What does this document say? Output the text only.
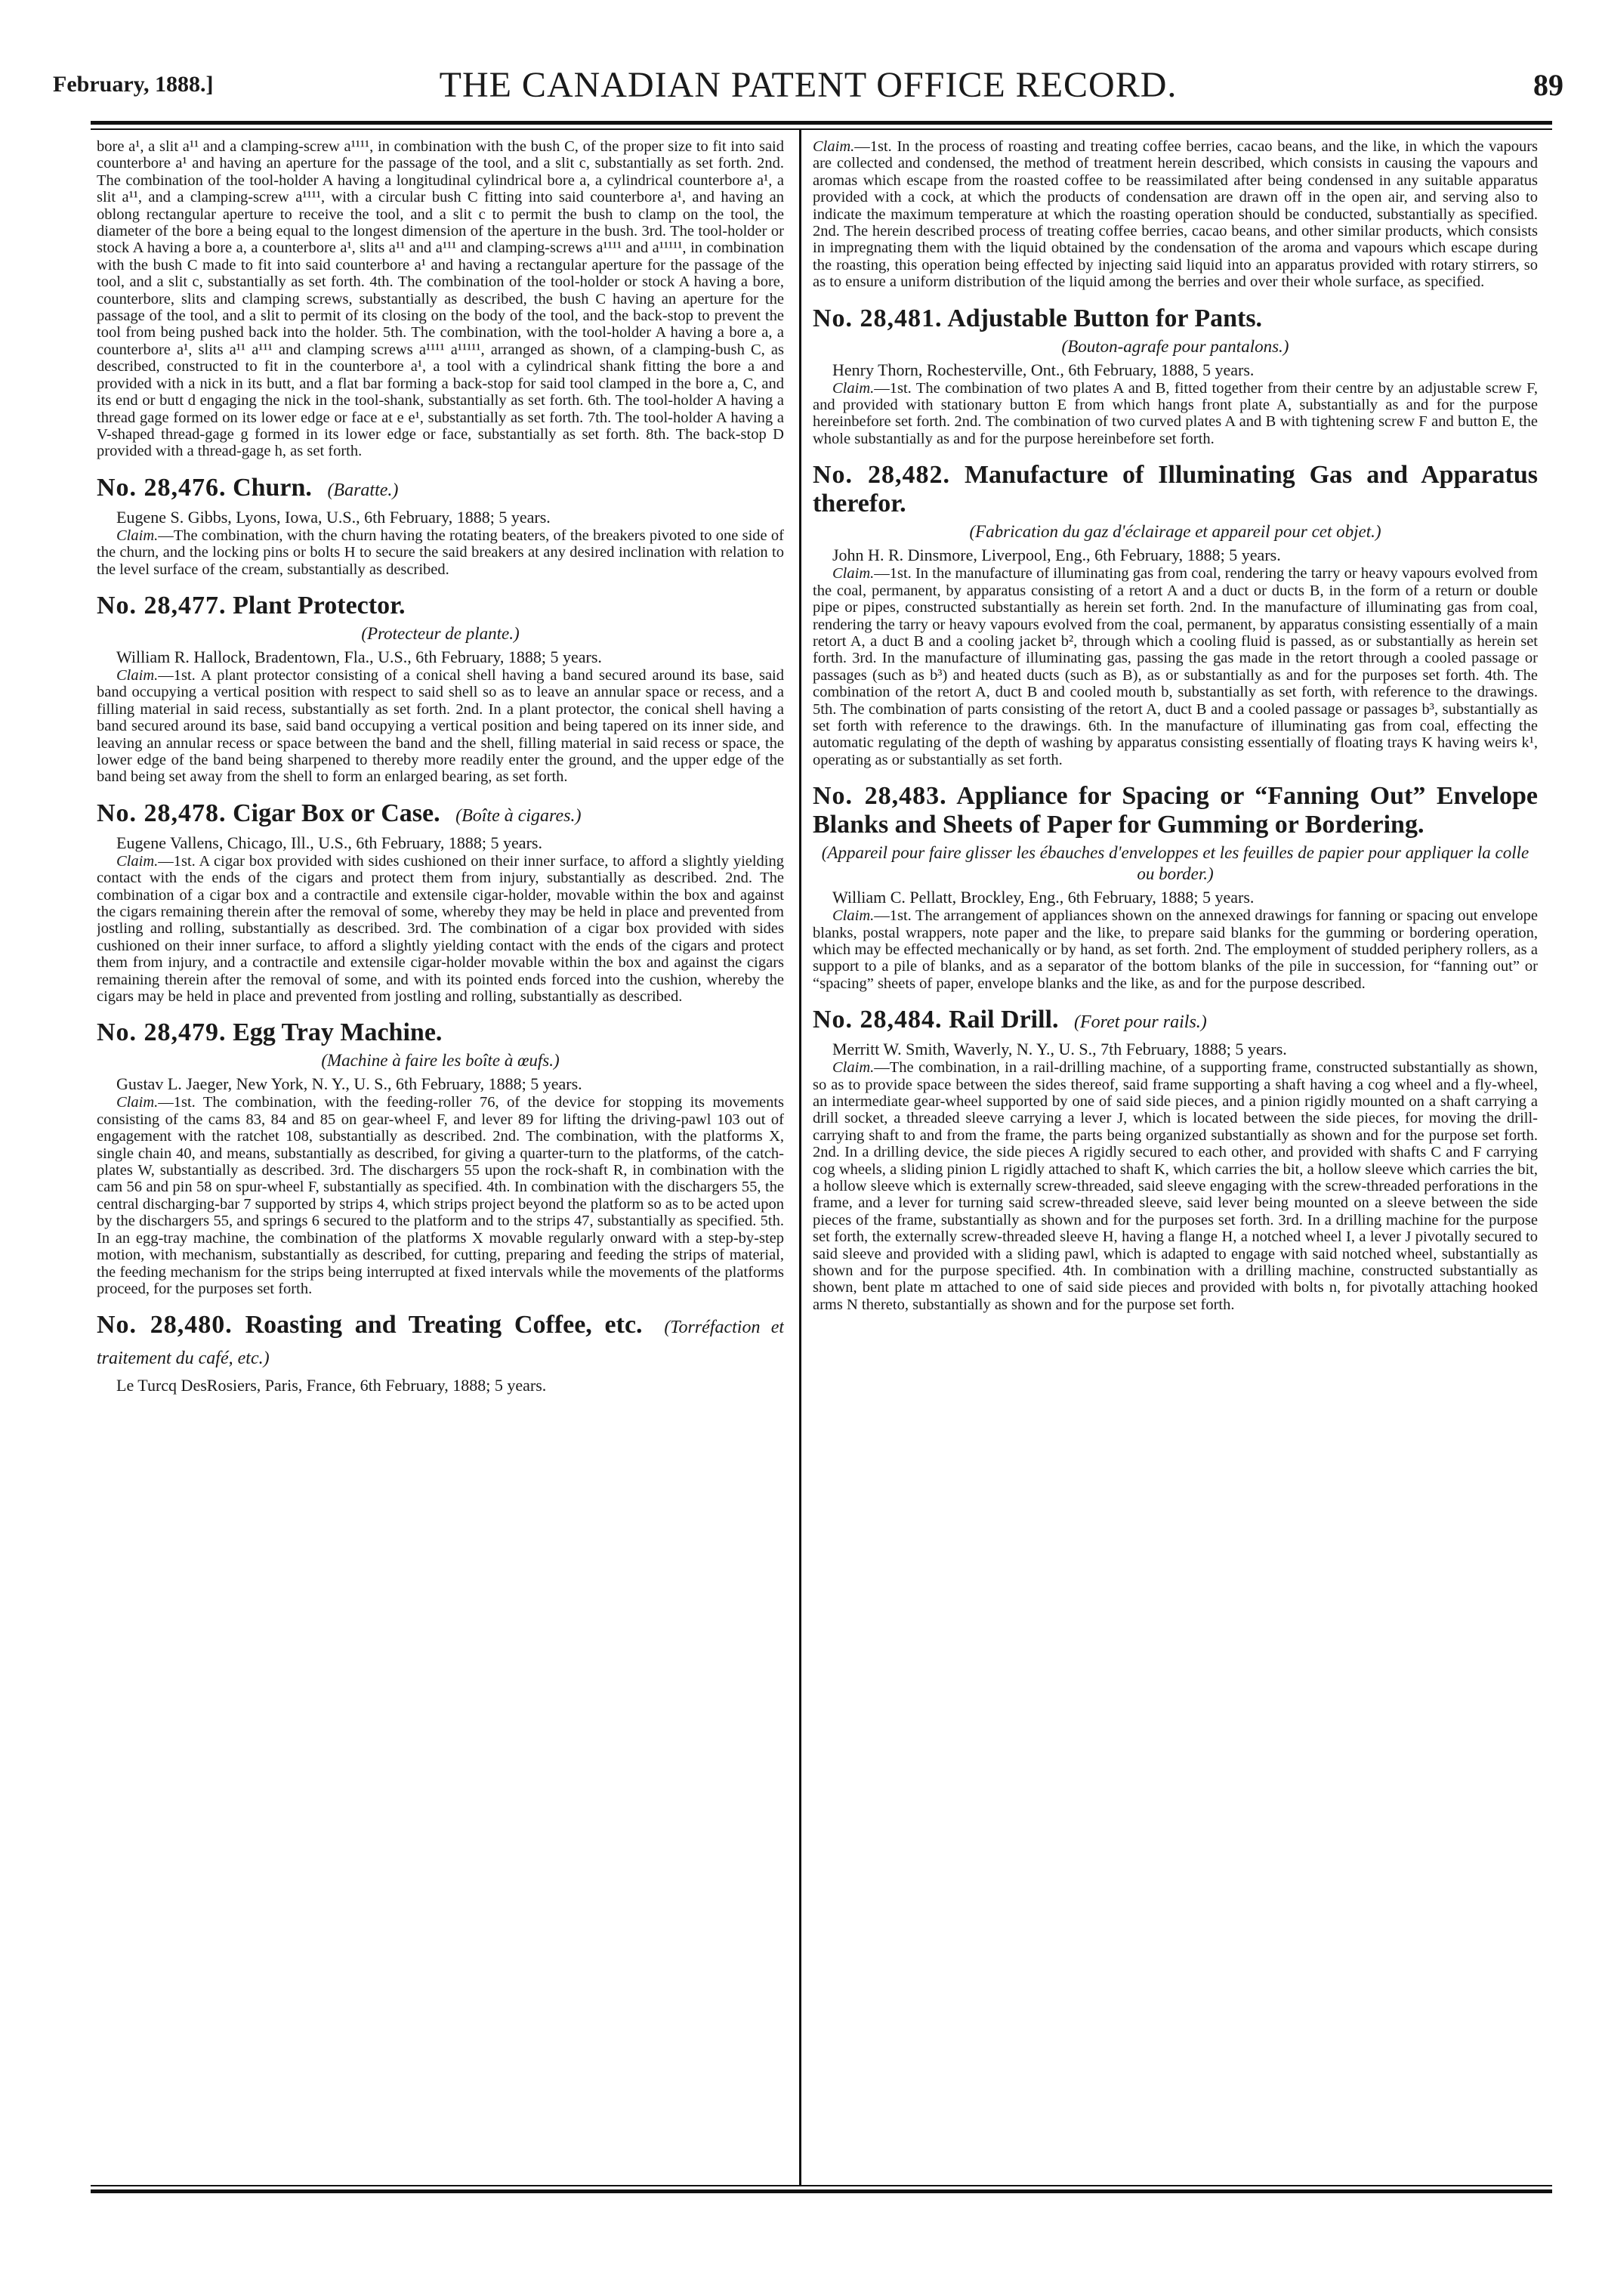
February, 1888.]	THE CANADIAN PATENT OFFICE RECORD.	89

bore a¹, a slit a¹¹ and a clamping-screw a¹¹¹¹, in combination with the bush C, of the proper size to fit into said counterbore a¹ and having an aperture for the passage of the tool, and a slit c, substantially as set forth. 2nd. The combination of the tool-holder A having a longitudinal cylindrical bore a, a cylindrical counterbore a¹, a slit a¹¹, and a clamping-screw a¹¹¹¹, with a circular bush C fitting into said counterbore a¹, and having an oblong rectangular aperture to receive the tool, and a slit c to permit the bush to clamp on the tool, the diameter of the bore a being equal to the longest dimension of the aperture in the bush. 3rd. The tool-holder or stock A having a bore a, a counterbore a¹, slits a¹¹ and a¹¹¹ and clamping-screws a¹¹¹¹ and a¹¹¹¹¹, in combination with the bush C made to fit into said counterbore a¹ and having a rectangular aperture for the passage of the tool, and a slit c, substantially as set forth. 4th. The combination of the tool-holder or stock A having a bore, counterbore, slits and clamping screws, substantially as described, the bush C having an aperture for the passage of the tool, and a slit to permit of its closing on the body of the tool, and the back-stop to prevent the tool from being pushed back into the holder. 5th. The combination, with the tool-holder A having a bore a, a counterbore a¹, slits a¹¹ a¹¹¹ and clamping screws a¹¹¹¹ a¹¹¹¹¹, arranged as shown, of a clamping-bush C, as described, constructed to fit in the counterbore a¹, a tool with a cylindrical shank fitting the bore a and provided with a nick in its butt, and a flat bar forming a back-stop for said tool clamped in the bore a, C, and its end or butt d engaging the nick in the tool-shank, substantially as set forth. 6th. The tool-holder A having a thread gage formed on its lower edge or face at e e¹, substantially as set forth. 7th. The tool-holder A having a V-shaped thread-gage g formed in its lower edge or face, substantially as set forth. 8th. The back-stop D provided with a thread-gage h, as set forth.

No. 28,476. Churn. (Baratte.)

Eugene S. Gibbs, Lyons, Iowa, U.S., 6th February, 1888; 5 years.

Claim.—The combination, with the churn having the rotating beaters, of the breakers pivoted to one side of the churn, and the locking pins or bolts H to secure the said breakers at any desired inclination with relation to the level surface of the cream, substantially as described.

No. 28,477. Plant Protector.
(Protecteur de plante.)

William R. Hallock, Bradentown, Fla., U.S., 6th February, 1888; 5 years.

Claim.—1st. A plant protector consisting of a conical shell having a band secured around its base, said band occupying a vertical position with respect to said shell so as to leave an annular space or recess, and a filling material in said recess, substantially as set forth. 2nd. In a plant protector, the conical shell having a band secured around its base, said band occupying a vertical position and being tapered on its inner side, and leaving an annular recess or space between the band and the shell, filling material in said recess or space, the lower edge of the band being sharpened to thereby more readily enter the ground, and the upper edge of the band being set away from the shell to form an enlarged bearing, as set forth.

No. 28,478. Cigar Box or Case. (Boîte à cigares.)

Eugene Vallens, Chicago, Ill., U.S., 6th February, 1888; 5 years.

Claim.—1st. A cigar box provided with sides cushioned on their inner surface, to afford a slightly yielding contact with the ends of the cigars and protect them from injury, substantially as described. 2nd. The combination of a cigar box and a contractile and extensile cigar-holder, movable within the box and against the cigars remaining therein after the removal of some, whereby they may be held in place and prevented from jostling and rolling, substantially as described. 3rd. The combination of a cigar box provided with sides cushioned on their inner surface, to afford a slightly yielding contact with the ends of the cigars and protect them from injury, and a contractile and extensile cigar-holder movable within the box and against the cigars remaining therein after the removal of some, and with its pointed ends forced into the cushion, whereby the cigars may be held in place and prevented from jostling and rolling, substantially as described.

No. 28,479. Egg Tray Machine.
(Machine à faire les boîte à œufs.)

Gustav L. Jaeger, New York, N. Y., U. S., 6th February, 1888; 5 years.

Claim.—1st. The combination, with the feeding-roller 76, of the device for stopping its movements consisting of the cams 83, 84 and 85 on gear-wheel F, and lever 89 for lifting the driving-pawl 103 out of engagement with the ratchet 108, substantially as described. 2nd. The combination, with the platforms X, single chain 40, and means, substantially as described, for giving a quarter-turn to the platforms, of the catch-plates W, substantially as described. 3rd. The dischargers 55 upon the rock-shaft R, in combination with the cam 56 and pin 58 on spur-wheel F, substantially as specified. 4th. In combination with the dischargers 55, the central discharging-bar 7 supported by strips 4, which strips project beyond the platform so as to be acted upon by the dischargers 55, and springs 6 secured to the platform and to the strips 47, substantially as specified. 5th. In an egg-tray machine, the combination of the platforms X movable regularly onward with a step-by-step motion, with mechanism, substantially as described, for cutting, preparing and feeding the strips of material, the feeding mechanism for the strips being interrupted at fixed intervals while the movements of the platforms proceed, for the purposes set forth.

No. 28,480. Roasting and Treating Coffee, etc. (Torréfaction et traitement du café, etc.)

Le Turcq DesRosiers, Paris, France, 6th February, 1888; 5 years.

Claim.—1st. In the process of roasting and treating coffee berries, cacao beans, and the like, in which the vapours are collected and condensed, the method of treatment herein described, which consists in causing the vapours and aromas which escape from the roasted coffee to be reassimilated after being condensed in any suitable apparatus provided with a cock, at which the products of condensation are drawn off in the open air, and serving also to indicate the maximum temperature at which the roasting operation should be conducted, substantially as specified. 2nd. The herein described process of treating coffee berries, cacao beans, and other similar products, which consists in impregnating them with the liquid obtained by the condensation of the aroma and vapours which escape during the roasting, this operation being effected by injecting said liquid into an apparatus provided with rotary stirrers, so as to ensure a uniform distribution of the liquid among the berries and over their whole surface, as specified.

No. 28,481. Adjustable Button for Pants.
(Bouton-agrafe pour pantalons.)

Henry Thorn, Rochesterville, Ont., 6th February, 1888, 5 years.

Claim.—1st. The combination of two plates A and B, fitted together from their centre by an adjustable screw F, and provided with stationary button E from which hangs front plate A, substantially as and for the purpose hereinbefore set forth. 2nd. The combination of two curved plates A and B with tightening screw F and button E, the whole substantially as and for the purpose hereinbefore set forth.

No. 28,482. Manufacture of Illuminating Gas and Apparatus therefor.
(Fabrication du gaz d'éclairage et appareil pour cet objet.)

John H. R. Dinsmore, Liverpool, Eng., 6th February, 1888; 5 years.

Claim.—1st. In the manufacture of illuminating gas from coal, rendering the tarry or heavy vapours evolved from the coal, permanent, by apparatus consisting of a retort A and a duct or ducts B, in the form of a return or double pipe or pipes, constructed substantially as herein set forth. 2nd. In the manufacture of illuminating gas from coal, rendering the tarry or heavy vapours evolved from the coal, permanent, by apparatus consisting essentially of a main retort A, a duct B and a cooling jacket b², through which a cooling fluid is passed, as or substantially as herein set forth. 3rd. In the manufacture of illuminating gas, passing the gas made in the retort through a cooled passage or passages (such as b³) and heated ducts (such as B), as or substantially as and for the purposes set forth. 4th. The combination of the retort A, duct B and cooled mouth b, substantially as set forth, with reference to the drawings. 5th. The combination of parts consisting of the retort A, duct B and a cooled passage or passages b³, substantially as set forth with reference to the drawings. 6th. In the manufacture of illuminating gas from coal, effecting the automatic regulating of the depth of washing by apparatus consisting essentially of floating trays K having weirs k¹, operating as or substantially as set forth.

No. 28,483. Appliance for Spacing or “Fanning Out” Envelope Blanks and Sheets of Paper for Gumming or Bordering.
(Appareil pour faire glisser les ébauches d'enveloppes et les feuilles de papier pour appliquer la colle ou border.)

William C. Pellatt, Brockley, Eng., 6th February, 1888; 5 years.

Claim.—1st. The arrangement of appliances shown on the annexed drawings for fanning or spacing out envelope blanks, postal wrappers, note paper and the like, to prepare said blanks for the gumming or bordering operation, which may be effected mechanically or by hand, as set forth. 2nd. The employment of studded periphery rollers, as a support to a pile of blanks, and as a separator of the bottom blanks of the pile in succession, for “fanning out” or “spacing” sheets of paper, envelope blanks and the like, as and for the purpose described.

No. 28,484. Rail Drill. (Foret pour rails.)

Merritt W. Smith, Waverly, N. Y., U. S., 7th February, 1888; 5 years.

Claim.—The combination, in a rail-drilling machine, of a supporting frame, constructed substantially as shown, so as to provide space between the sides thereof, said frame supporting a shaft having a cog wheel and a fly-wheel, an intermediate gear-wheel supported by one of said side pieces, and a pinion rigidly mounted on a shaft carrying a drill socket, a threaded sleeve carrying a lever J, which is located between the side pieces, for moving the drill-carrying shaft to and from the frame, the parts being organized substantially as shown and for the purpose set forth. 2nd. In a drilling device, the side pieces A rigidly secured to each other, and provided with shafts C and F carrying cog wheels, a sliding pinion L rigidly attached to shaft K, which carries the bit, a hollow sleeve which carries the bit, a hollow sleeve which is externally screw-threaded, said sleeve engaging with the screw-threaded perforations in the frame, and a lever for turning said screw-threaded sleeve, said lever being mounted on a sleeve between the side pieces of the frame, substantially as shown and for the purposes set forth. 3rd. In a drilling machine for the purpose set forth, the externally screw-threaded sleeve H, having a flange H, a notched wheel I, a lever J pivotally secured to said sleeve and provided with a sliding pawl, which is adapted to engage with said notched wheel, substantially as shown and for the purpose specified. 4th. In combination with a drilling machine, constructed substantially as shown, bent plate m attached to one of said side pieces and provided with bolts n, for pivotally attaching hooked arms N thereto, substantially as shown and for the purpose set forth.
